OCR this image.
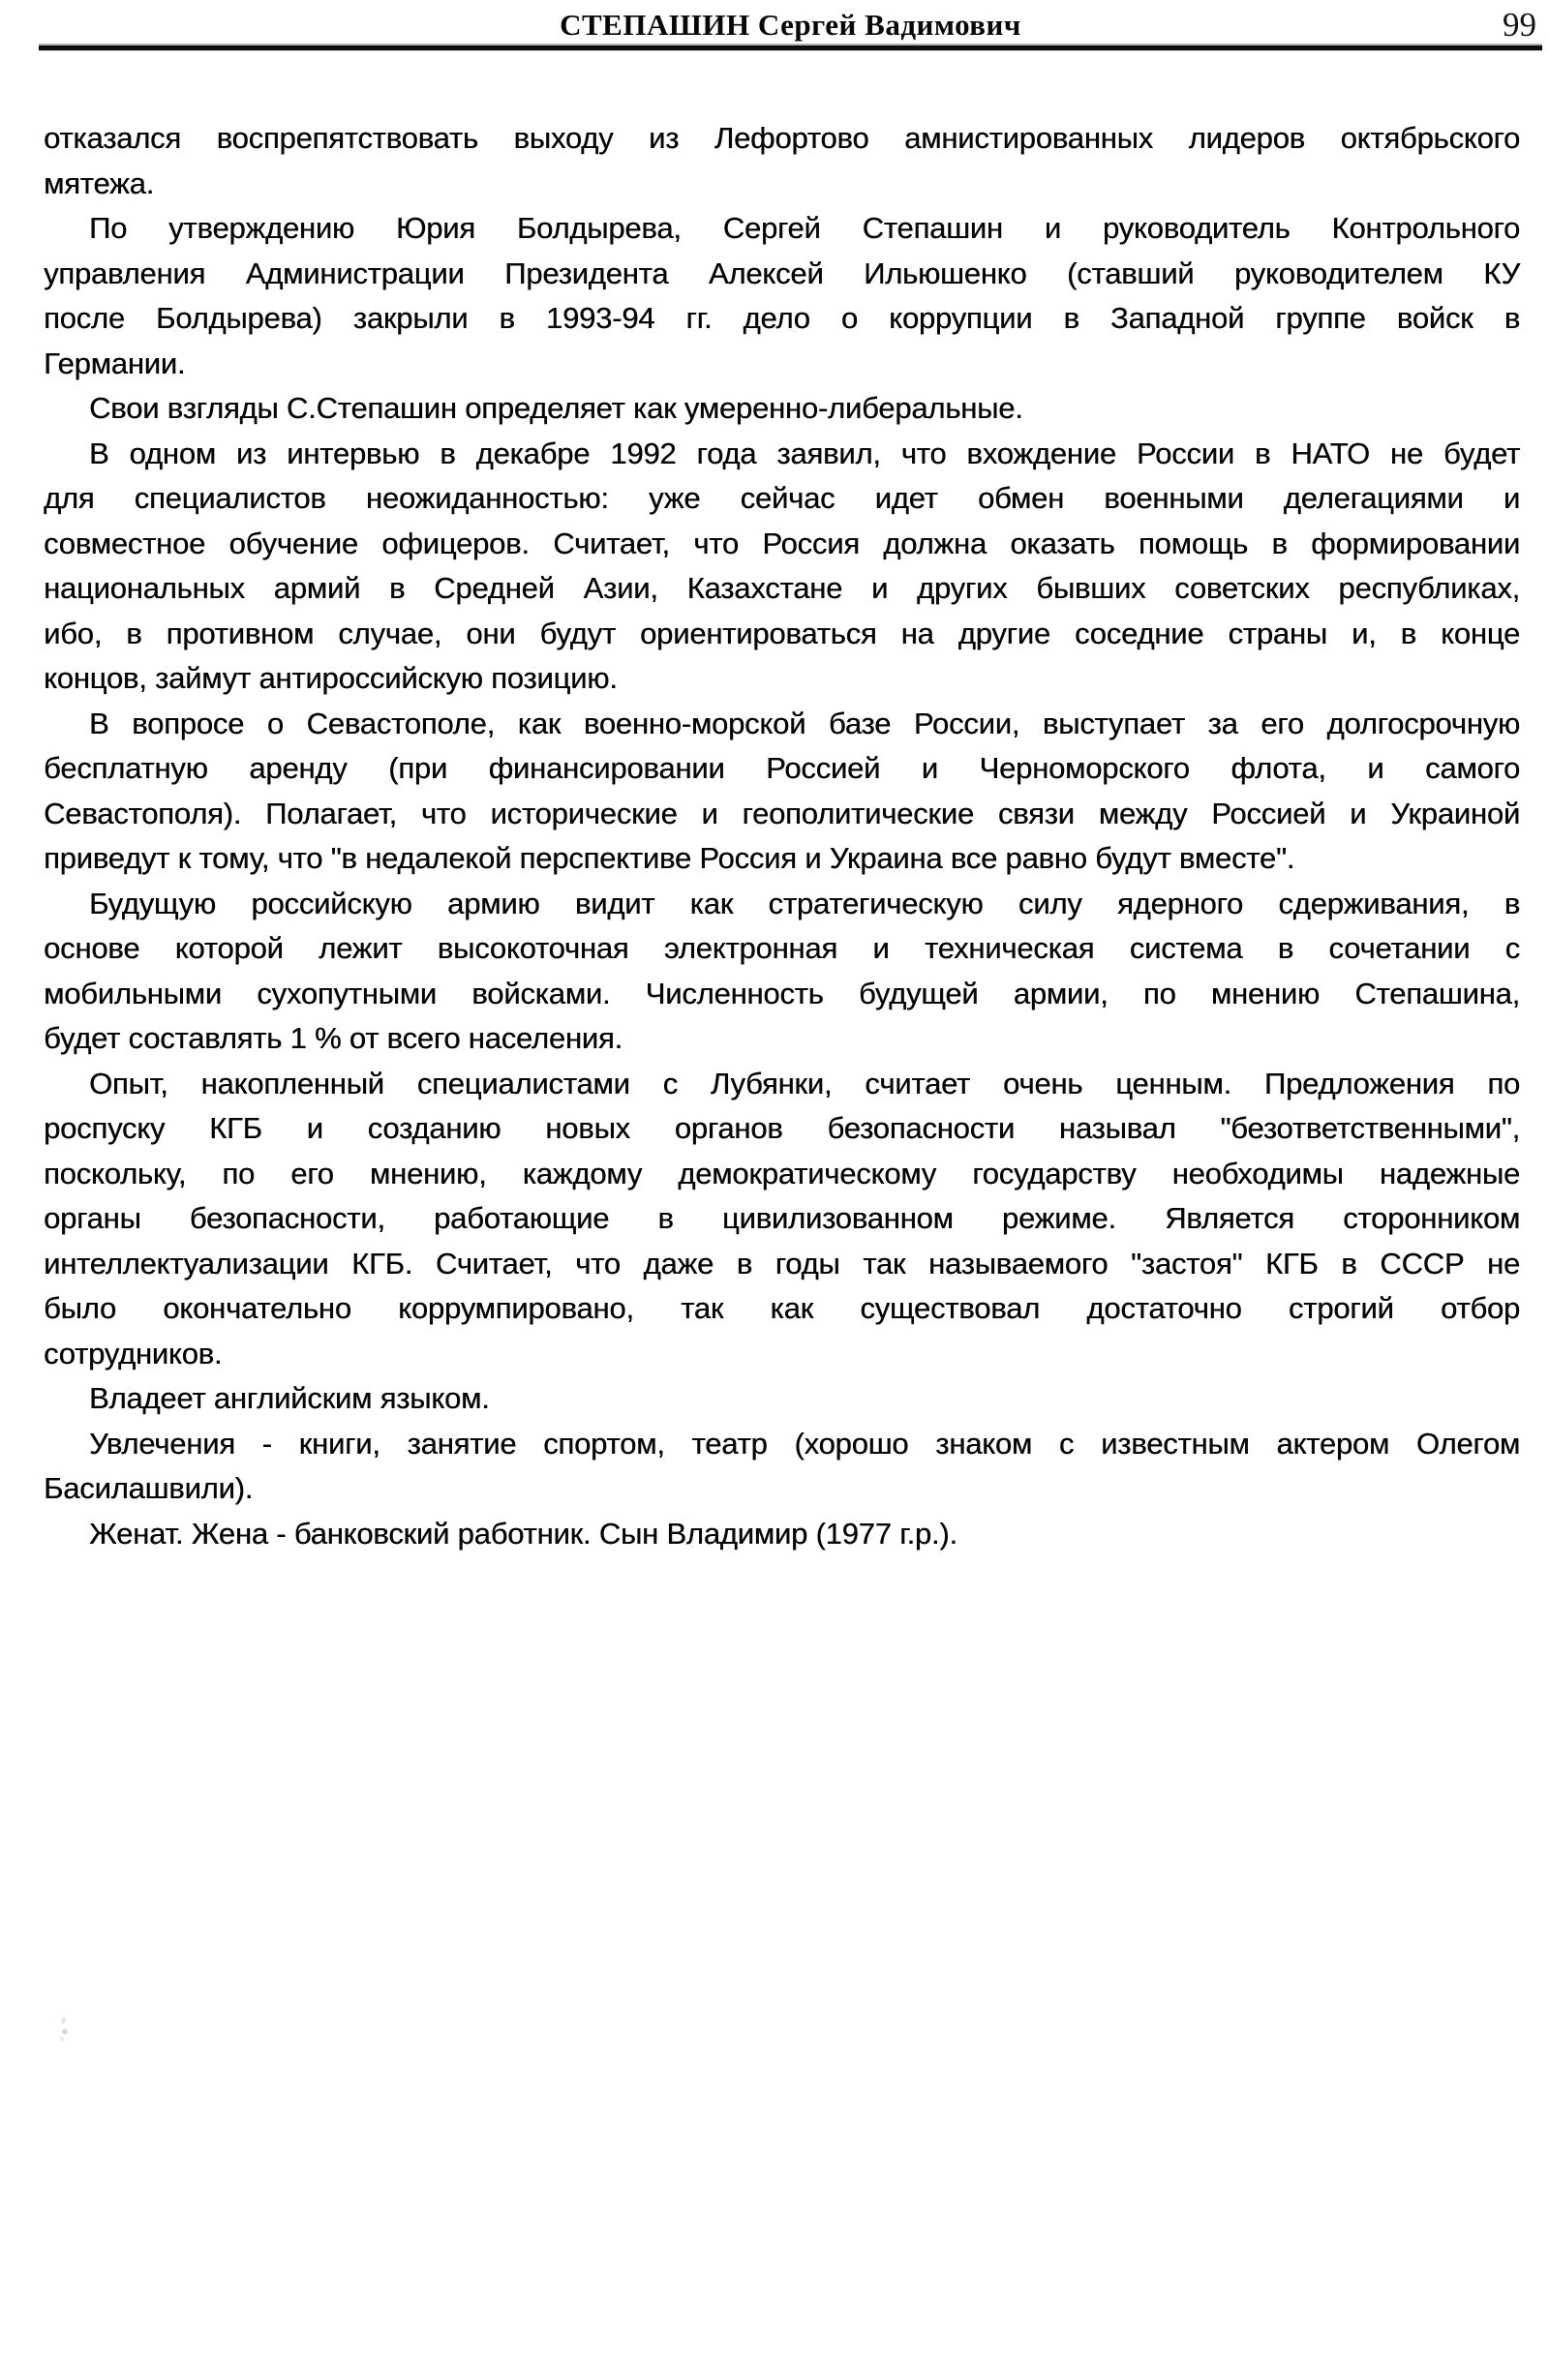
СТЕПАШИН Сергей Вадимович	99
отказался воспрепятствовать выходу из Лефортово амнистированных лидеров октябрьского
мятежа.
По утверждению Юрия Болдырева, Сергей Степашин и руководитель Контрольного
управления Администрации Президента Алексей Ильюшенко (ставший руководителем КУ
после Болдырева) закрыли в 1993-94 гг. дело о коррупции в Западной группе войск в
Германии.
Свои взгляды С.Степашин определяет как умеренно-либеральные.
В одном из интервью в декабре 1992 года заявил, что вхождение России в НАТО не будет
для специалистов неожиданностью: уже сейчас идет обмен военными делегациями и
совместное обучение офицеров. Считает, что Россия должна оказать помощь в формировании
национальных армий в Средней Азии, Казахстане и других бывших советских республиках,
ибо, в противном случае, они будут ориентироваться на другие соседние страны и, в конце
концов, займут антироссийскую позицию.
В вопросе о Севастополе, как военно-морской базе России, выступает за его долгосрочную
бесплатную аренду (при финансировании Россией и Черноморского флота, и самого
Севастополя). Полагает, что исторические и геополитические связи между Россией и Украиной
приведут к тому, что "в недалекой перспективе Россия и Украина все равно будут вместе".
Будущую российскую армию видит как стратегическую силу ядерного сдерживания, в
основе которой лежит высокоточная электронная и техническая система в сочетании с
мобильными сухопутными войсками. Численность будущей армии, по мнению Степашина,
будет составлять 1 % от всего населения.
Опыт, накопленный специалистами с Лубянки, считает очень ценным. Предложения по
роспуску КГБ и созданию новых органов безопасности называл "безответственными",
поскольку, по его мнению, каждому демократическому государству необходимы надежные
органы безопасности, работающие в цивилизованном режиме. Является сторонником
интеллектуализации КГБ. Считает, что даже в годы так называемого "застоя" КГБ в СССР не
было окончательно коррумпировано, так как существовал достаточно строгий отбор
сотрудников.
Владеет английским языком.
Увлечения - книги, занятие спортом, театр (хорошо знаком с известным актером Олегом
Басилашвили).
Женат. Жена - банковский работник. Сын Владимир (1977 г.р.).
